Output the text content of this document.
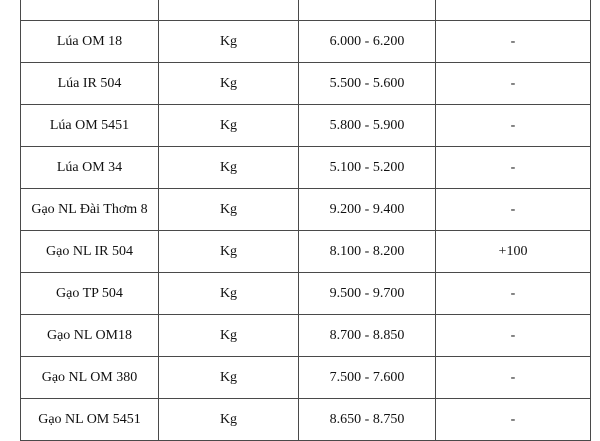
Lúa OM 18	Kg	6.000 - 6.200	-
Lúa IR 504	Kg	5.500 - 5.600	-
Lúa OM 5451	Kg	5.800 - 5.900	-
Lúa OM 34	Kg	5.100 - 5.200	-
Gạo NL Đài Thơm 8	Kg	9.200 - 9.400	-
Gạo NL IR 504	Kg	8.100 - 8.200	+100
Gạo TP 504	Kg	9.500 - 9.700	-
Gạo NL OM18	Kg	8.700 - 8.850	-
Gạo NL OM 380	Kg	7.500 - 7.600	-
Gạo NL OM 5451	Kg	8.650 - 8.750	-
